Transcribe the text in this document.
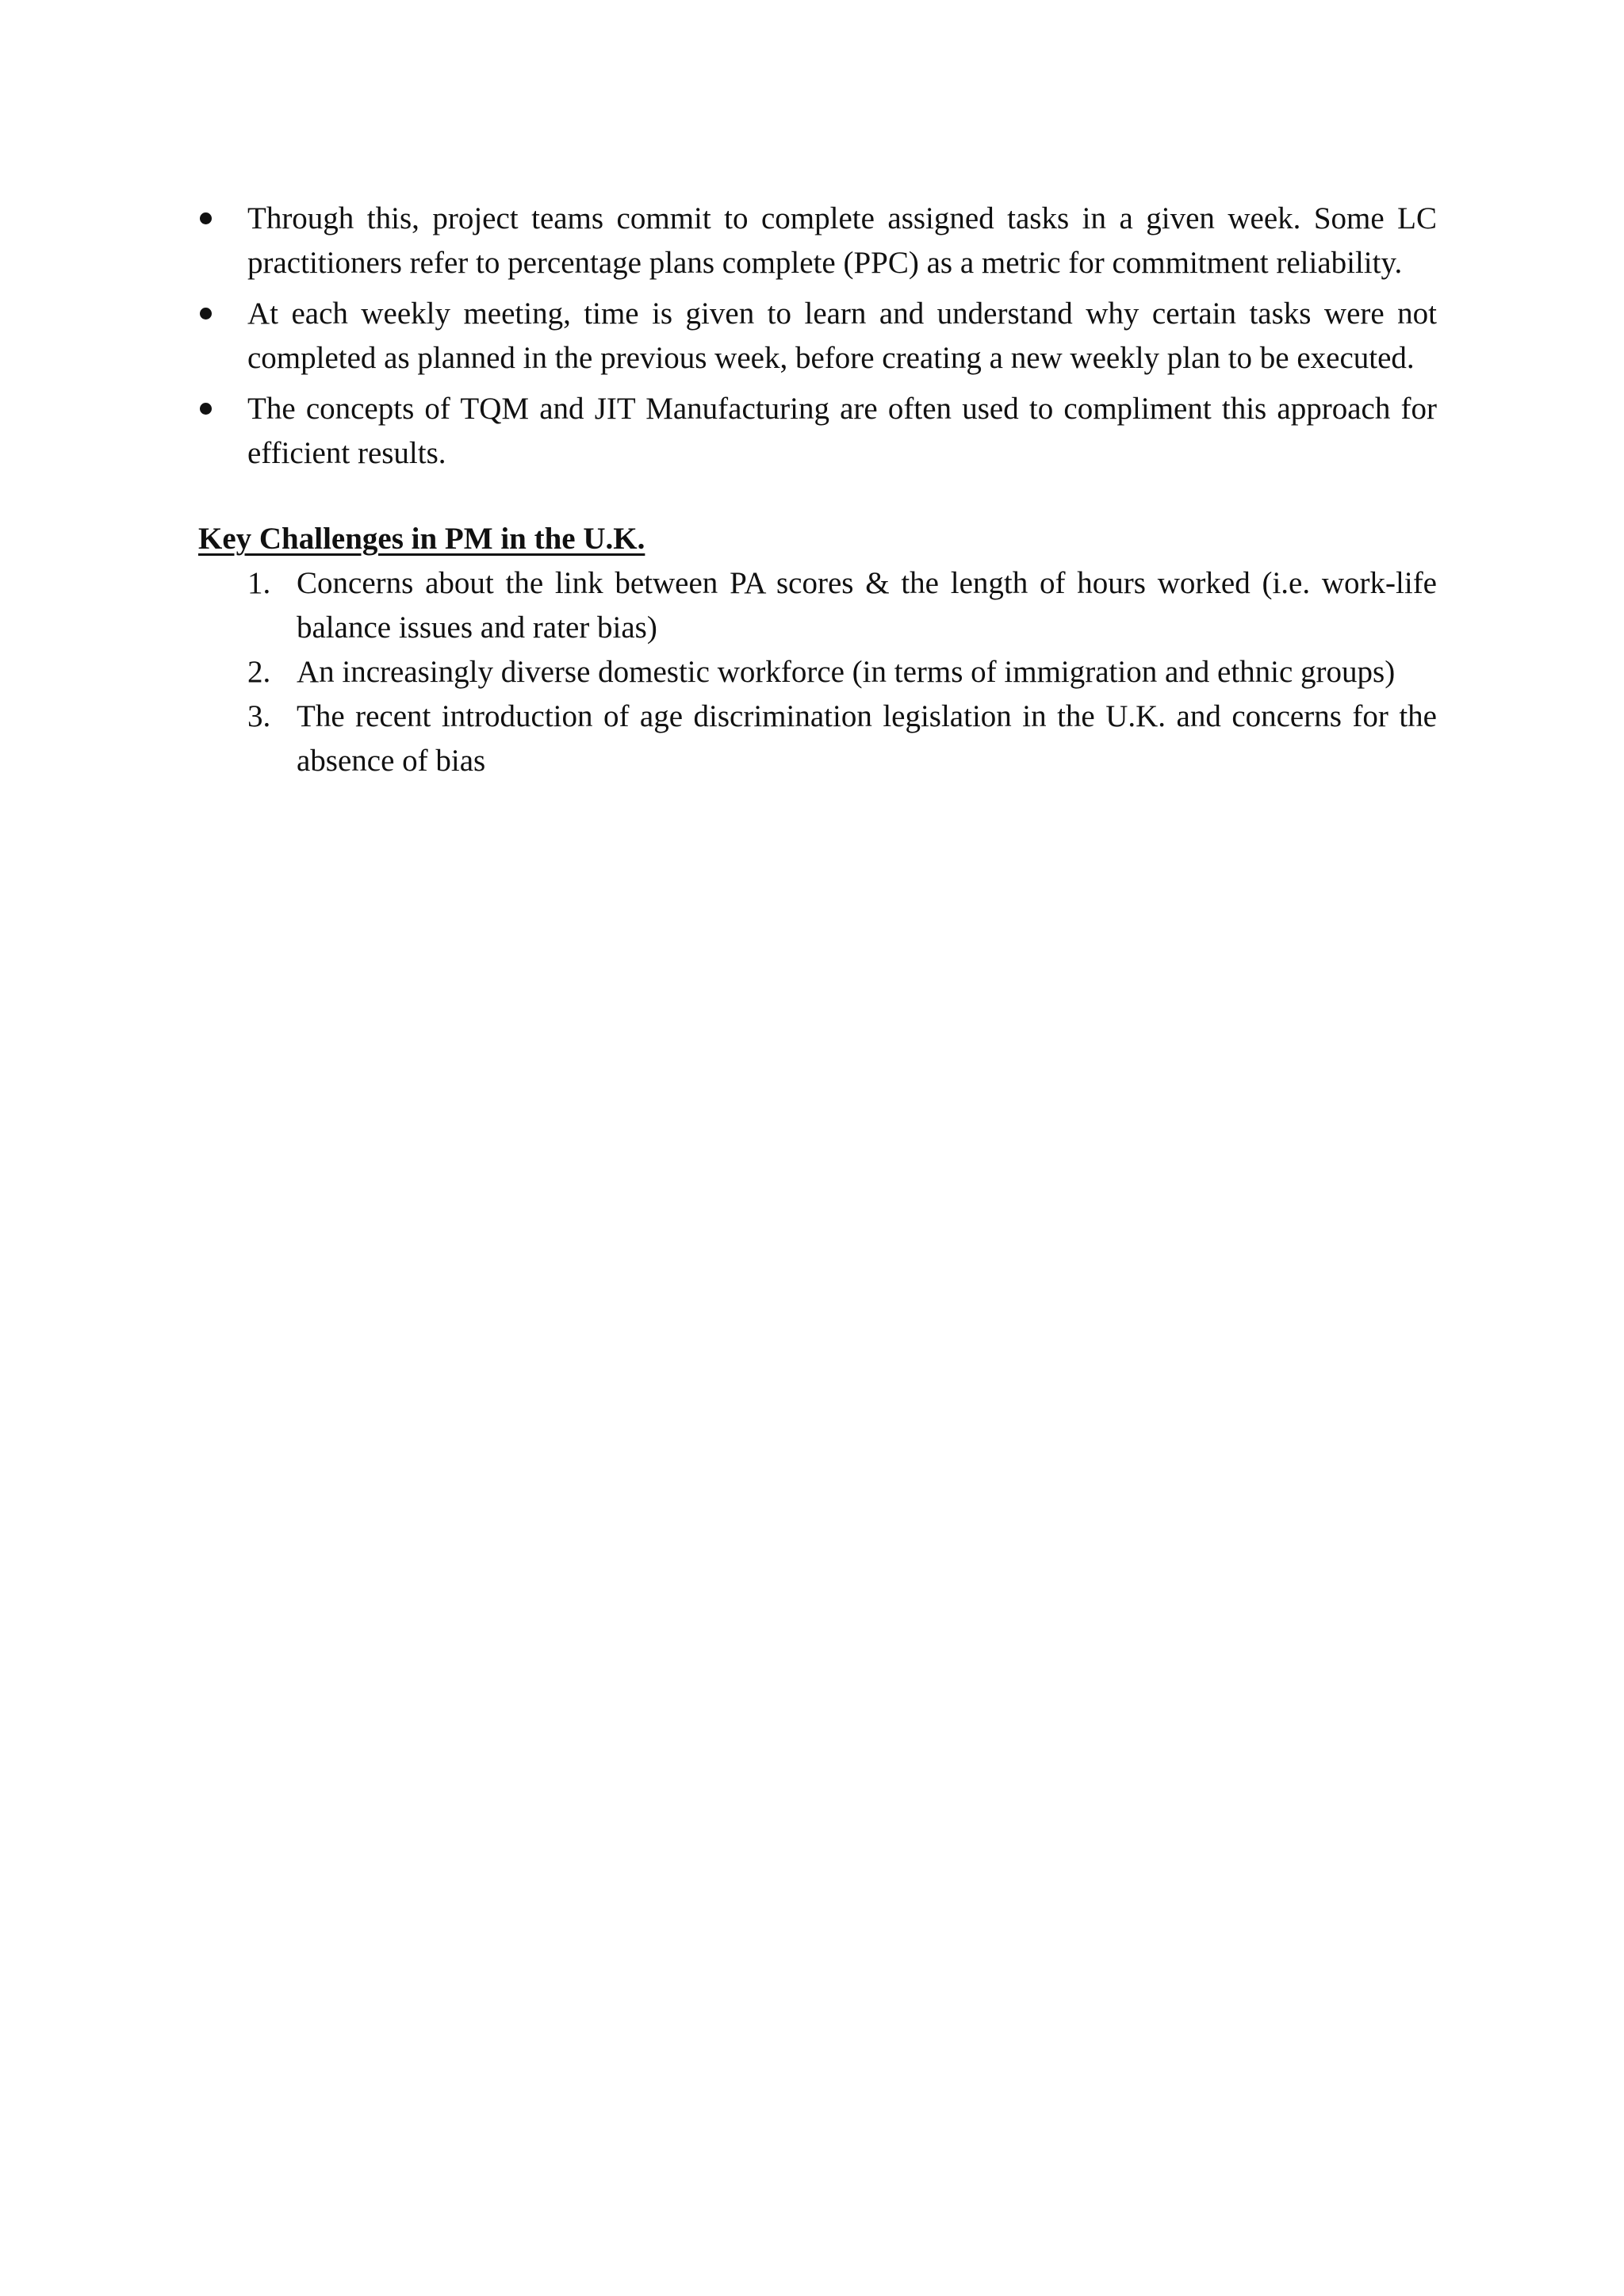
Through this, project teams commit to complete assigned tasks in a given week. Some LC practitioners refer to percentage plans complete (PPC) as a metric for commitment reliability.
At each weekly meeting, time is given to learn and understand why certain tasks were not completed as planned in the previous week, before creating a new weekly plan to be executed.
The concepts of TQM and JIT Manufacturing are often used to compliment this approach for efficient results.
Key Challenges in PM in the U.K.
1. Concerns about the link between PA scores & the length of hours worked (i.e. work-life balance issues and rater bias)
2. An increasingly diverse domestic workforce (in terms of immigration and ethnic groups)
3. The recent introduction of age discrimination legislation in the U.K. and concerns for the absence of bias
